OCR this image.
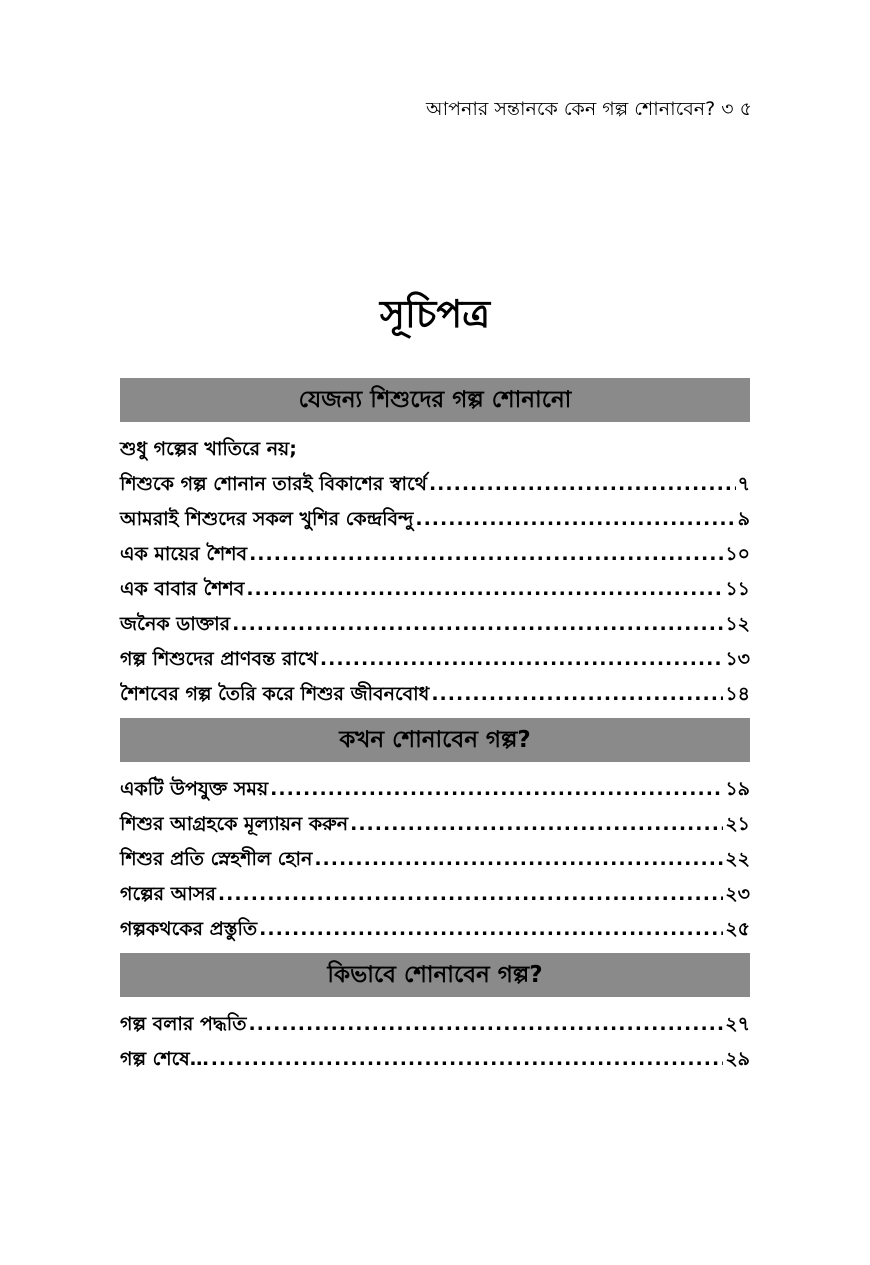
আপনার সন্তানকে কেন গল্প শোনাবেন? ৩ ৫
সূচিপত্র
যেজন্য শিশুদের গল্প শোনানো
শুধু গল্পের খাতিরে নয়;
শিশুকে গল্প শোনান তারই বিকাশের স্বার্থে .....	৭
আমরাই শিশুদের সকল খুশির কেন্দ্রবিন্দু .....	৯
এক মায়ের শৈশব .....	১০
এক বাবার শৈশব .....	১১
জনৈক ডাক্তার .....	১২
গল্প শিশুদের প্রাণবন্ত রাখে .....	১৩
শৈশবের গল্প তৈরি করে শিশুর জীবনবোধ .....	১৪
কখন শোনাবেন গল্প?
একটি উপযুক্ত সময় .....	১৯
শিশুর আগ্রহকে মূল্যায়ন করুন .....	২১
শিশুর প্রতি স্নেহশীল হোন .....	২২
গল্পের আসর .....	২৩
গল্পকথকের প্রস্তুতি .....	২৫
কিভাবে শোনাবেন গল্প?
গল্প বলার পদ্ধতি .....	২৭
গল্প শেষে… .....	২৯
